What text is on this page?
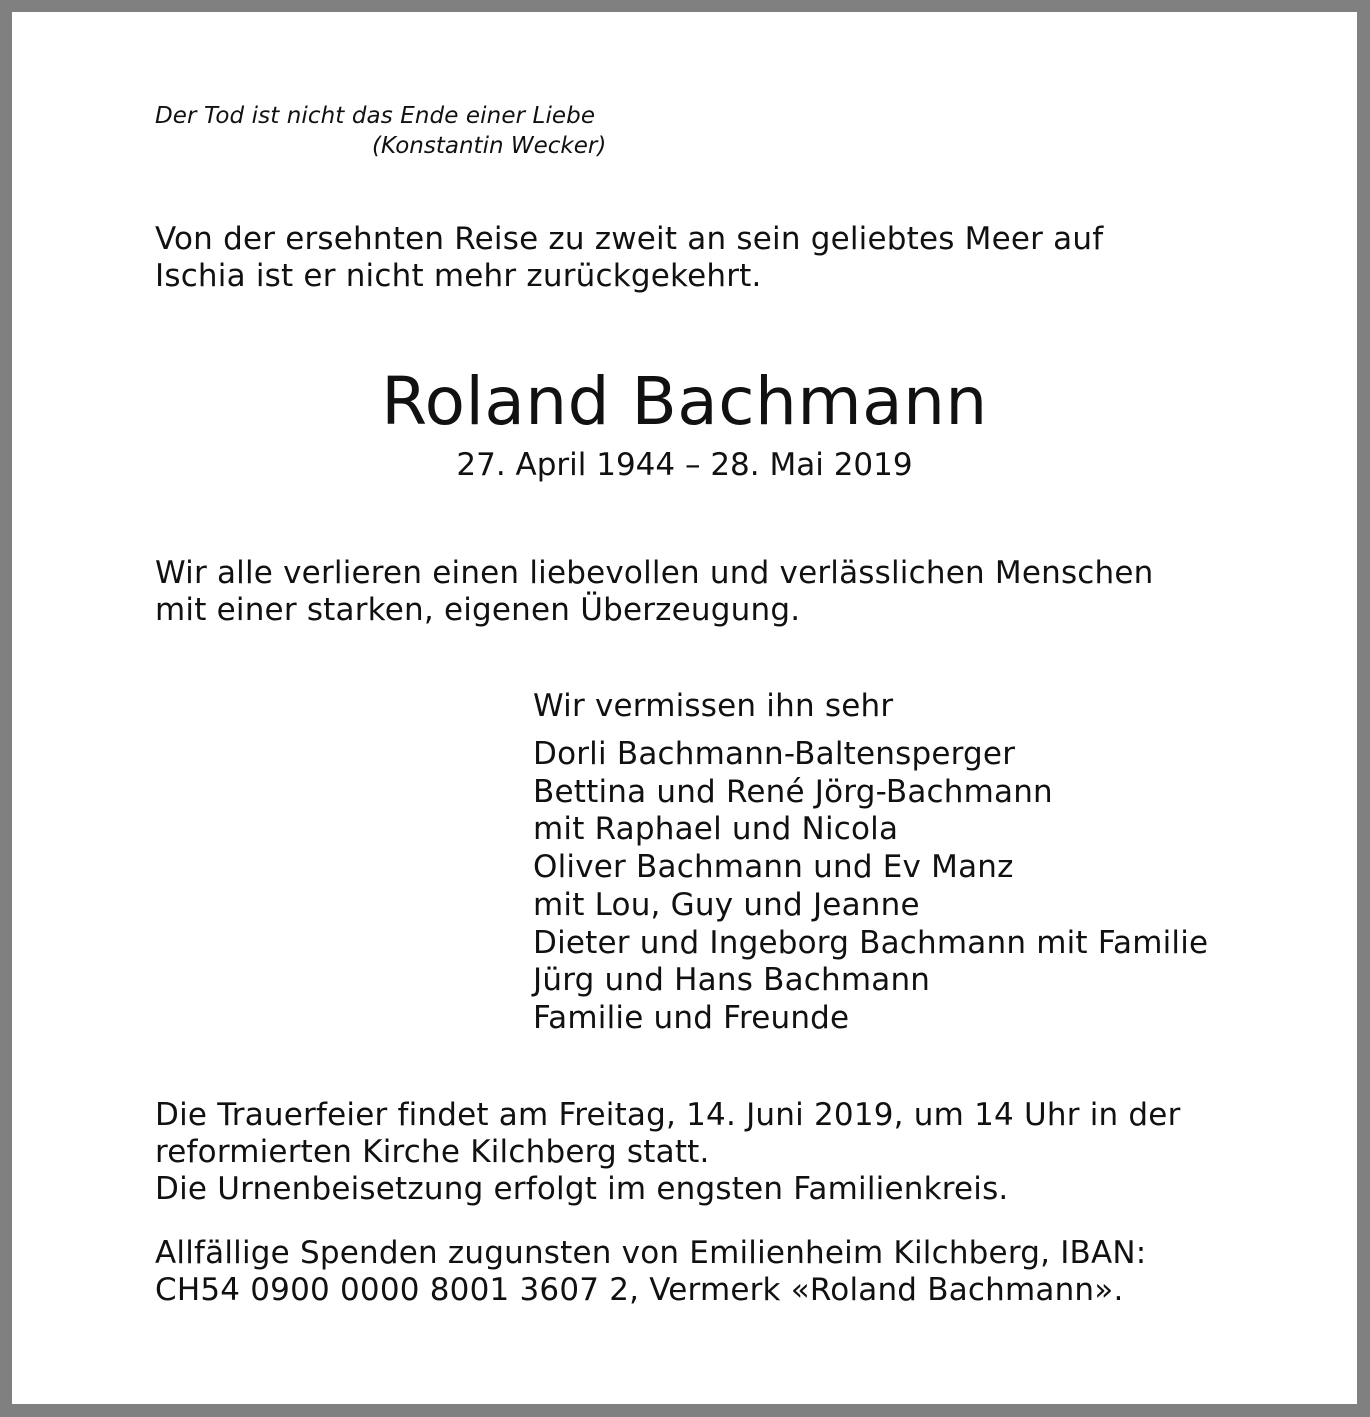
Der Tod ist nicht das Ende einer Liebe

(Konstantin Wecker)

Von der ersehnten Reise zu zweit an sein geliebtes Meer auf
Ischia ist er nicht mehr zurückgekehrt.
Roland Bachmann

27. April 1944 – 28. Mai 2019

Wir alle verlieren einen liebevollen und verlässlichen Menschen
mit einer starken, eigenen Überzeugung.

Wir vermissen ihn sehr

Dorli Bachmann-Baltensperger
Bettina und René Jörg-Bachmann
mit Raphael und Nicola
Oliver Bachmann und Ev Manz
mit Lou, Guy und Jeanne
Dieter und Ingeborg Bachmann mit Familie
Jürg und Hans Bachmann
Familie und Freunde
Die Trauerfeier findet am Freitag, 14. Juni 2019, um 14 Uhr in der
reformierten Kirche Kilchberg statt.
Die Urnenbeisetzung erfolgt im engsten Familienkreis.
Allfällige Spenden zugunsten von Emilienheim Kilchberg, IBAN:
CH54 0900 0000 8001 3607 2, Vermerk «Roland Bachmann».
